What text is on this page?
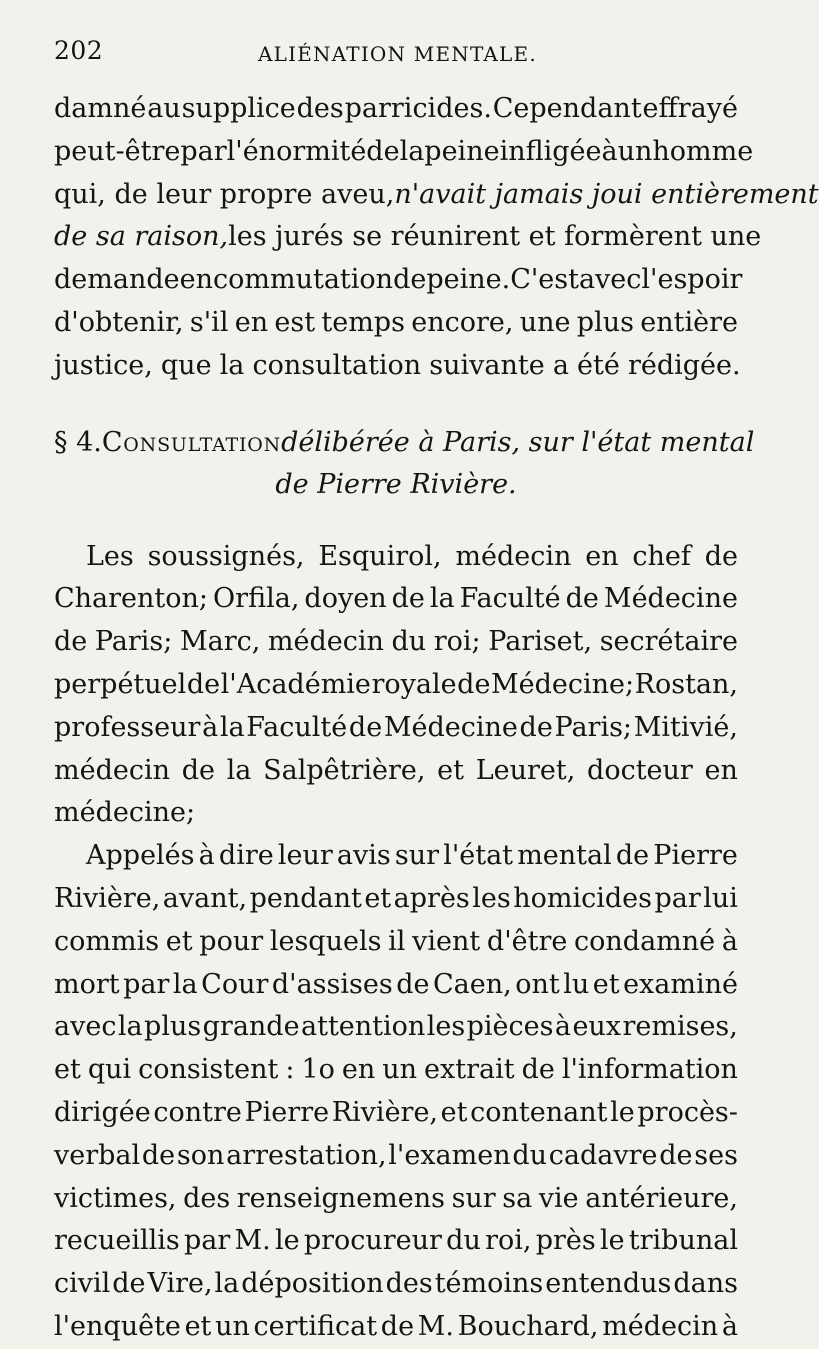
202	ALIÉNATION MENTALE.
damné au supplice des parricides. Cependant effrayé
peut-être par l'énormité de la peine infligée à un homme
qui, de leur propre aveu, n'avait jamais joui entièrement
de sa raison, les jurés se réunirent et formèrent une
demande en commutation de peine. C'est avec l'espoir
d'obtenir, s'il en est temps encore, une plus entière
justice, que la consultation suivante a été rédigée.
§ 4. Consultation délibérée à Paris, sur l'état mental
de Pierre Rivière.
Les soussignés, Esquirol, médecin en chef de
Charenton; Orfila, doyen de la Faculté de Médecine
de Paris; Marc, médecin du roi; Pariset, secrétaire
perpétuel de l'Académie royale de Médecine; Rostan,
professeur à la Faculté de Médecine de Paris; Mitivié,
médecin de la Salpêtrière, et Leuret, docteur en
médecine;
Appelés à dire leur avis sur l'état mental de Pierre
Rivière, avant, pendant et après les homicides par lui
commis et pour lesquels il vient d'être condamné à
mort par la Cour d'assises de Caen, ont lu et examiné
avec la plus grande attention les pièces à eux remises,
et qui consistent : 1o en un extrait de l'information
dirigée contre Pierre Rivière, et contenant le procès-
verbal de son arrestation, l'examen du cadavre de ses
victimes, des renseignemens sur sa vie antérieure,
recueillis par M. le procureur du roi, près le tribunal
civil de Vire, la déposition des témoins entendus dans
l'enquête et un certificat de M. Bouchard, médecin à
